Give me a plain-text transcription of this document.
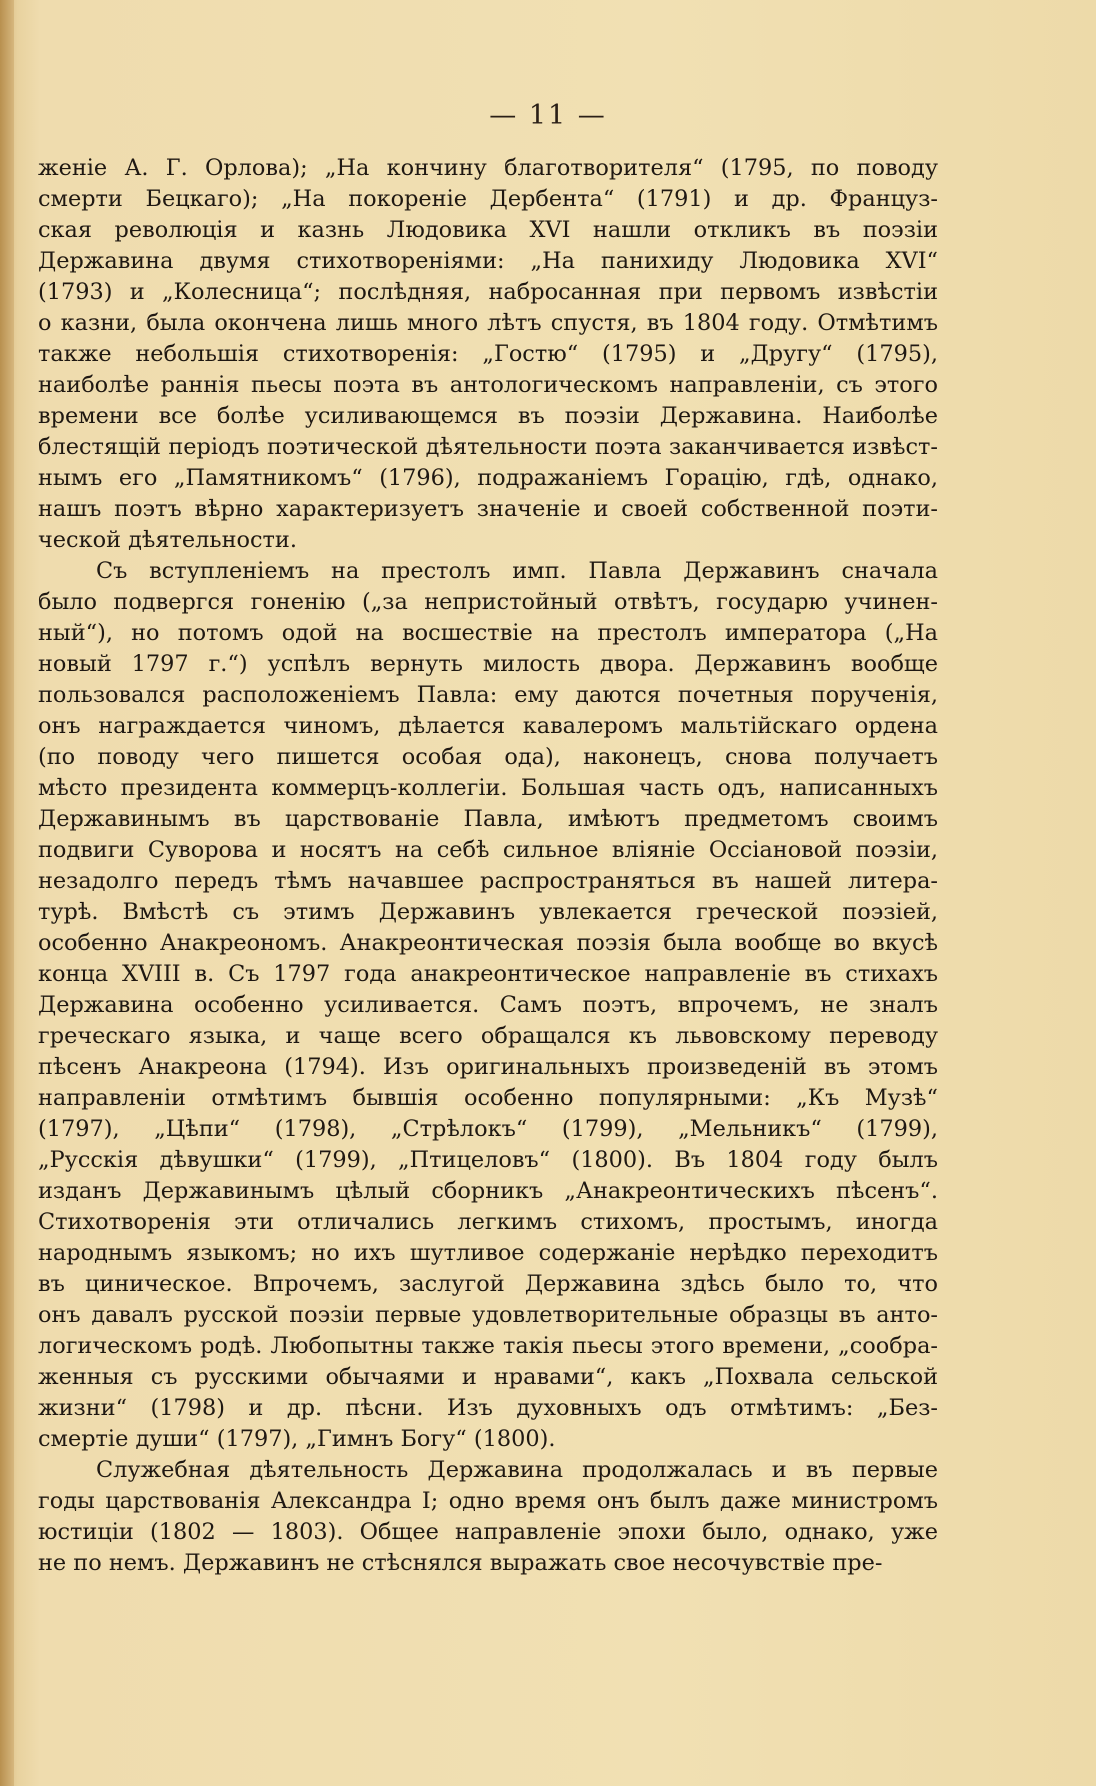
— 11 —
женіе А. Г. Орлова); „На кончину благотворителя“ (1795, по поводу
смерти Бецкаго); „На покореніе Дербента“ (1791) и др. Француз-
ская революція и казнь Людовика XVI нашли откликъ въ поэзіи
Державина двумя стихотвореніями: „На панихиду Людовика XVI“
(1793) и „Колесница“; послѣдняя, набросанная при первомъ извѣстіи
о казни, была окончена лишь много лѣтъ спустя, въ 1804 году. Отмѣтимъ
также небольшія стихотворенія: „Гостю“ (1795) и „Другу“ (1795),
наиболѣе раннія пьесы поэта въ антологическомъ направленіи, съ этого
времени все болѣе усиливающемся въ поэзіи Державина. Наиболѣе
блестящій періодъ поэтической дѣятельности поэта заканчивается извѣст-
нымъ его „Памятникомъ“ (1796), подражаніемъ Горацію, гдѣ, однако,
нашъ поэтъ вѣрно характеризуетъ значеніе и своей собственной поэти-
ческой дѣятельности.
Съ вступленіемъ на престолъ имп. Павла Державинъ сначала
было подвергся гоненію („за непристойный отвѣтъ, государю учинен-
ный“), но потомъ одой на восшествіе на престолъ императора („На
новый 1797 г.“) успѣлъ вернуть милость двора. Державинъ вообще
пользовался расположеніемъ Павла: ему даются почетныя порученія,
онъ награждается чиномъ, дѣлается кавалеромъ мальтійскаго ордена
(по поводу чего пишется особая ода), наконецъ, снова получаетъ
мѣсто президента коммерцъ-коллегіи. Большая часть одъ, написанныхъ
Державинымъ въ царствованіе Павла, имѣютъ предметомъ своимъ
подвиги Суворова и носятъ на себѣ сильное вліяніе Оссіановой поэзіи,
незадолго передъ тѣмъ начавшее распространяться въ нашей литера-
турѣ. Вмѣстѣ съ этимъ Державинъ увлекается греческой поэзіей,
особенно Анакреономъ. Анакреонтическая поэзія была вообще во вкусѣ
конца XVIII в. Съ 1797 года анакреонтическое направленіе въ стихахъ
Державина особенно усиливается. Самъ поэтъ, впрочемъ, не зналъ
греческаго языка, и чаще всего обращался къ львовскому переводу
пѣсенъ Анакреона (1794). Изъ оригинальныхъ произведеній въ этомъ
направленіи отмѣтимъ бывшія особенно популярными: „Къ Музѣ“
(1797), „Цѣпи“ (1798), „Стрѣлокъ“ (1799), „Мельникъ“ (1799),
„Русскія дѣвушки“ (1799), „Птицеловъ“ (1800). Въ 1804 году былъ
изданъ Державинымъ цѣлый сборникъ „Анакреонтическихъ пѣсенъ“.
Стихотворенія эти отличались легкимъ стихомъ, простымъ, иногда
народнымъ языкомъ; но ихъ шутливое содержаніе нерѣдко переходитъ
въ циническое. Впрочемъ, заслугой Державина здѣсь было то, что
онъ давалъ русской поэзіи первые удовлетворительные образцы въ анто-
логическомъ родѣ. Любопытны также такія пьесы этого времени, „сообра-
женныя съ русскими обычаями и нравами“, какъ „Похвала сельской
жизни“ (1798) и др. пѣсни. Изъ духовныхъ одъ отмѣтимъ: „Без-
смертіе души“ (1797), „Гимнъ Богу“ (1800).
Служебная дѣятельность Державина продолжалась и въ первые
годы царствованія Александра I; одно время онъ былъ даже министромъ
юстиціи (1802 — 1803). Общее направленіе эпохи было, однако, уже
не по немъ. Державинъ не стѣснялся выражать свое несочувствіе пре-
